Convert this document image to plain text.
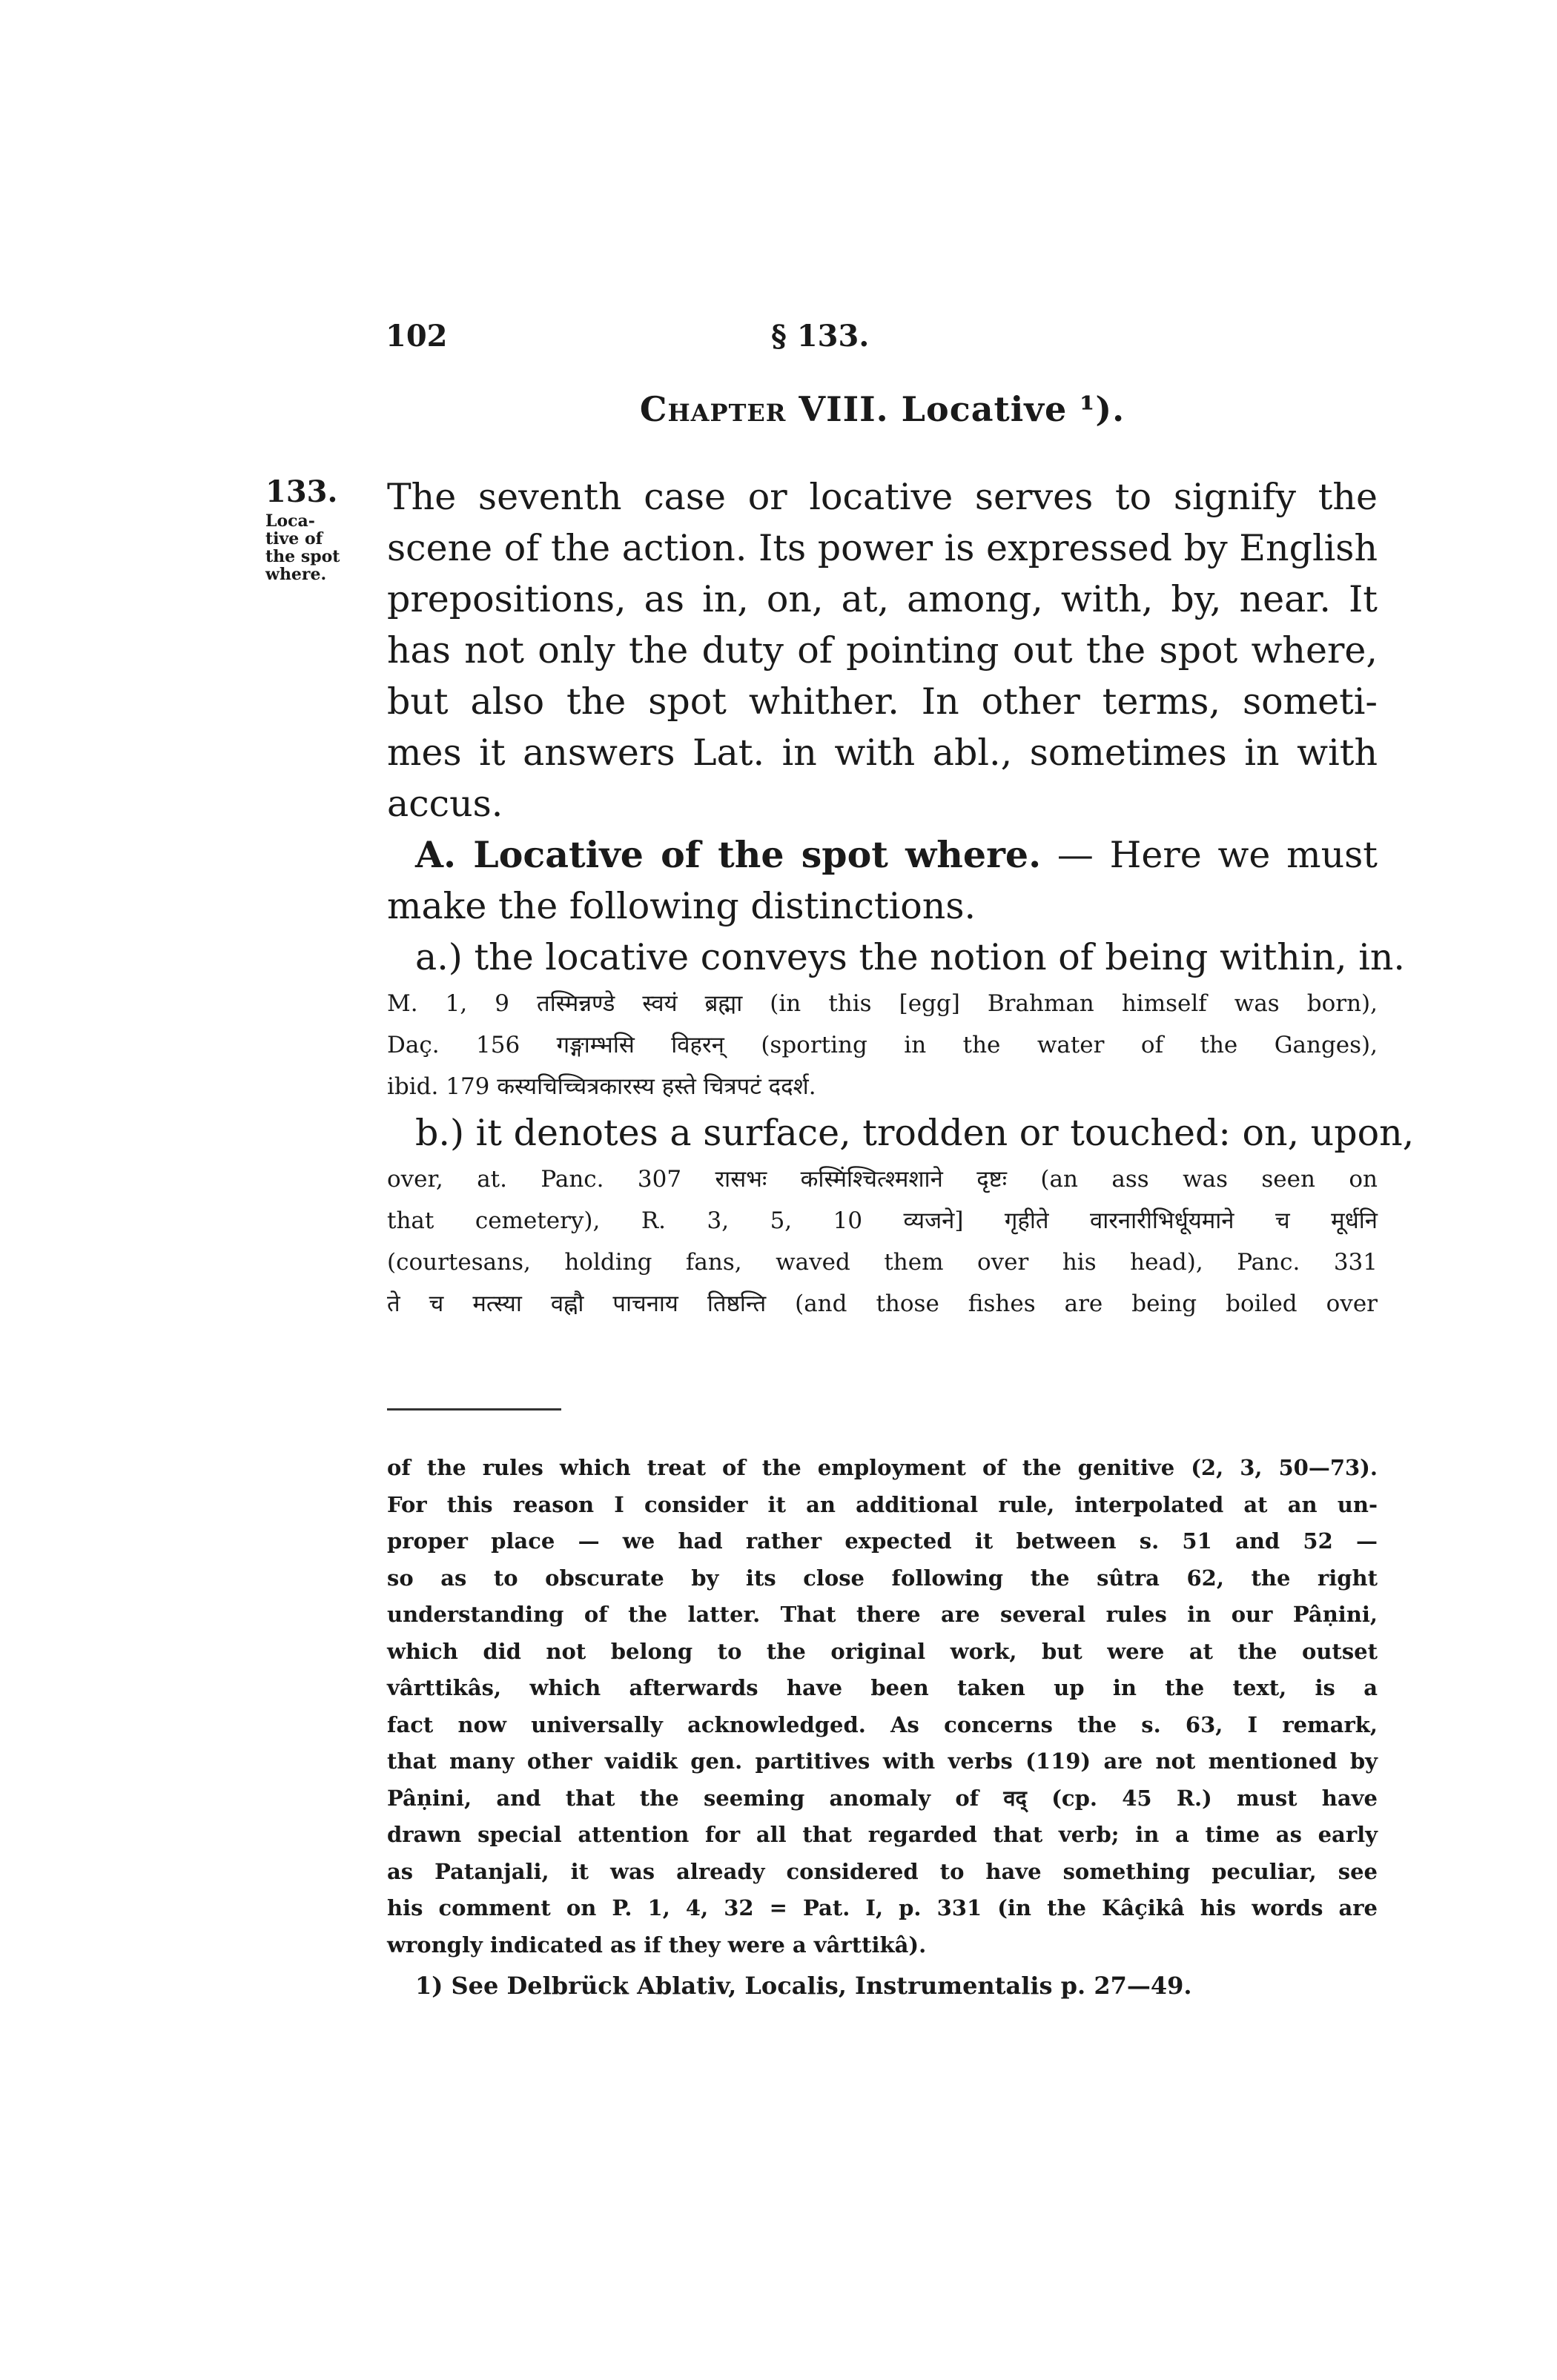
102	§ 133.
Chapter VIII. Locative ¹).
133.
Loca-
tive of
the spot
where.

The seventh case or locative serves to signify the
scene of the action. Its power is expressed by English
prepositions, as in, on, at, among, with, by, near. It
has not only the duty of pointing out the spot where,
but also the spot whither. In other terms, someti-
mes it answers Lat. in with abl., sometimes in with
accus.

A. Locative of the spot where. — Here we must

make the following distinctions.

a.) the locative conveys the notion of being within, in.

M. 1, 9 तस्मिन्नण्डे स्वयं ब्रह्मा (in this [egg] Brahman himself was born),
Daç. 156 गङ्गाम्भसि विहरन् (sporting in the water of the Ganges),
ibid. 179 कस्यचिच्चित्रकारस्य हस्ते चित्रपटं ददर्श.

b.) it denotes a surface, trodden or touched: on, upon,

over, at. Panc. 307 रासभः कस्मिंश्चित्श्मशाने दृष्टः (an ass was seen on
that cemetery), R. 3, 5, 10 व्यजने] गृहीते वारनारीभिर्धूयमाने च मूर्धनि
(courtesans, holding fans, waved them over his head), Panc. 331
ते च मत्स्या वह्नौ पाचनाय तिष्ठन्ति (and those fishes are being boiled over
of the rules which treat of the employment of the genitive (2, 3, 50—73).
For this reason I consider it an additional rule, interpolated at an un-
proper place — we had rather expected it between s. 51 and 52 —
so as to obscurate by its close following the sûtra 62, the right
understanding of the latter. That there are several rules in our Pâṇini,
which did not belong to the original work, but were at the outset
vârttikâs, which afterwards have been taken up in the text, is a
fact now universally acknowledged. As concerns the s. 63, I remark,
that many other vaidik gen. partitives with verbs (119) are not mentioned by
Pâṇini, and that the seeming anomaly of वद् (cp. 45 R.) must have
drawn special attention for all that regarded that verb; in a time as early
as Patanjali, it was already considered to have something peculiar, see
his comment on P. 1, 4, 32 = Pat. I, p. 331 (in the Kâçikâ his words are
wrongly indicated as if they were a vârttikâ).
1) See Delbrück Ablativ, Localis, Instrumentalis p. 27—49.
